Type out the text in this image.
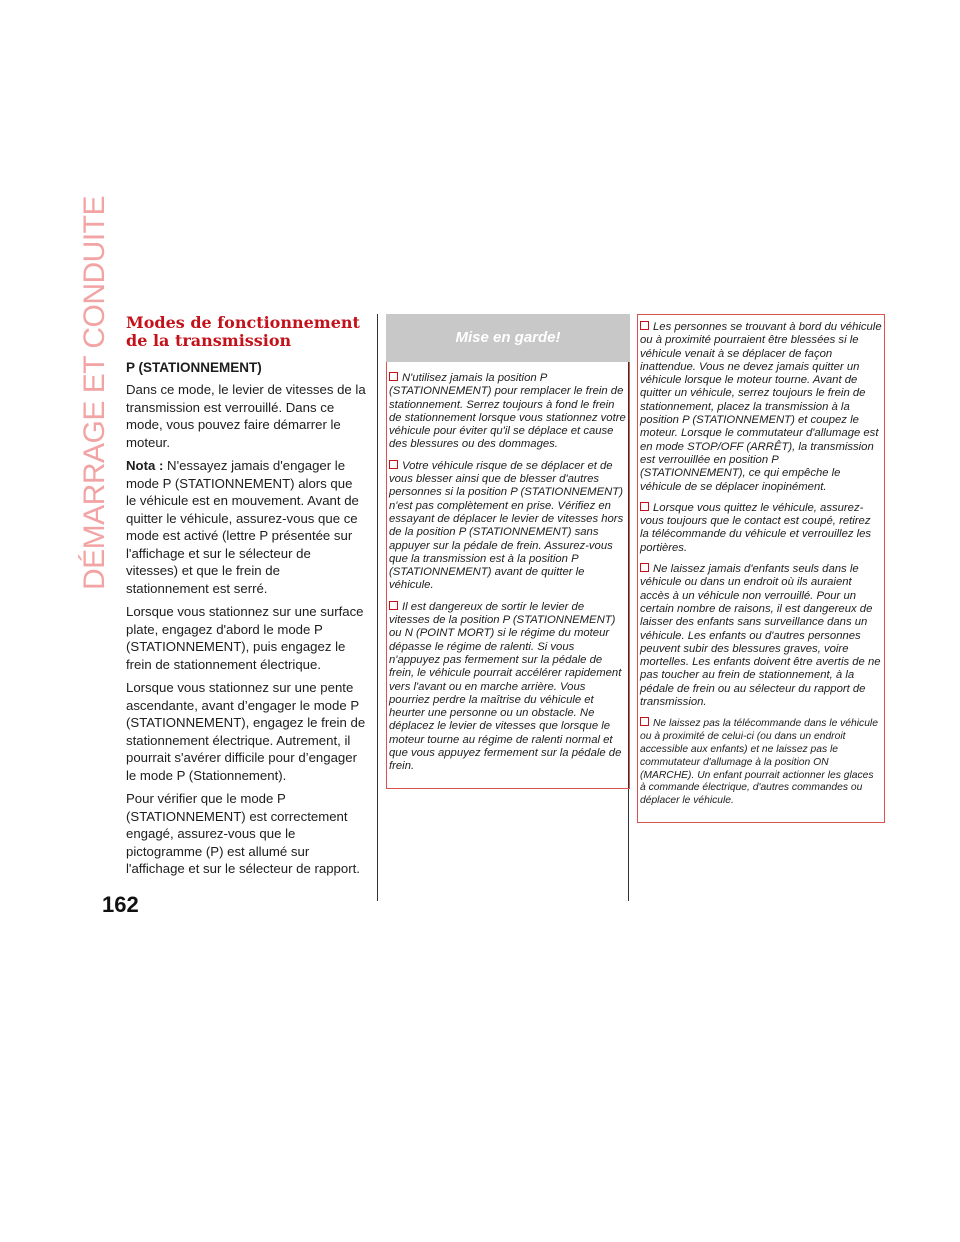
DÉMARRAGE ET CONDUITE Modes de fonctionnement de la transmission
P (STATIONNEMENT)

Dans ce mode, le levier de vitesses de la transmission est verrouillé. Dans ce mode, vous pouvez faire démarrer le moteur.

Nota : N'essayez jamais d'engager le mode P (STATIONNEMENT) alors que le véhicule est en mouvement. Avant de quitter le véhicule, assurez-vous que ce mode est activé (lettre P présentée sur l'affichage et sur le sélecteur de vitesses) et que le frein de stationnement est serré.

Lorsque vous stationnez sur une surface plate, engagez d'abord le mode P (STATIONNEMENT), puis engagez le frein de stationnement électrique.

Lorsque vous stationnez sur une pente ascendante, avant d’engager le mode P (STATIONNEMENT), engagez le frein de stationnement électrique. Autrement, il pourrait s'avérer difficile pour d’engager le mode P (Stationnement).

Pour vérifier que le mode P (STATIONNEMENT) est correctement engagé, assurez-vous que le pictogramme (P) est allumé sur l'affichage et sur le sélecteur de rapport.

Mise en garde!

N'utilisez jamais la position P (STATIONNEMENT) pour remplacer le frein de stationnement. Serrez toujours à fond le frein de stationnement lorsque vous stationnez votre véhicule pour éviter qu'il se déplace et cause des blessures ou des dommages.

Votre véhicule risque de se déplacer et de vous blesser ainsi que de blesser d'autres personnes si la position P (STATIONNEMENT) n'est pas complètement en prise. Vérifiez en essayant de déplacer le levier de vitesses hors de la position P (STATIONNEMENT) sans appuyer sur la pédale de frein. Assurez-vous que la transmission est à la position P (STATIONNEMENT) avant de quitter le véhicule.

Il est dangereux de sortir le levier de vitesses de la position P (STATIONNEMENT) ou N (POINT MORT) si le régime du moteur dépasse le régime de ralenti. Si vous n'appuyez pas fermement sur la pédale de frein, le véhicule pourrait accélérer rapidement vers l'avant ou en marche arrière. Vous pourriez perdre la maîtrise du véhicule et heurter une personne ou un obstacle. Ne déplacez le levier de vitesses que lorsque le moteur tourne au régime de ralenti normal et que vous appuyez fermement sur la pédale de frein.

Les personnes se trouvant à bord du véhicule ou à proximité pourraient être blessées si le véhicule venait à se déplacer de façon inattendue. Vous ne devez jamais quitter un véhicule lorsque le moteur tourne. Avant de quitter un véhicule, serrez toujours le frein de stationnement, placez la transmission à la position P (STATIONNEMENT) et coupez le moteur. Lorsque le commutateur d'allumage est en mode STOP/OFF (ARRÊT), la transmission est verrouillée en position P (STATIONNEMENT), ce qui empêche le véhicule de se déplacer inopinément.

Lorsque vous quittez le véhicule, assurez-vous toujours que le contact est coupé, retirez la télécommande du véhicule et verrouillez les portières.

Ne laissez jamais d'enfants seuls dans le véhicule ou dans un endroit où ils auraient accès à un véhicule non verrouillé. Pour un certain nombre de raisons, il est dangereux de laisser des enfants sans surveillance dans un véhicule. Les enfants ou d'autres personnes peuvent subir des blessures graves, voire mortelles. Les enfants doivent être avertis de ne pas toucher au frein de stationnement, à la pédale de frein ou au sélecteur du rapport de transmission.

Ne laissez pas la télécommande dans le véhicule ou à proximité de celui-ci (ou dans un endroit accessible aux enfants) et ne laissez pas le commutateur d'allumage à la position ON (MARCHE). Un enfant pourrait actionner les glaces à commande électrique, d'autres commandes ou déplacer le véhicule.

162
